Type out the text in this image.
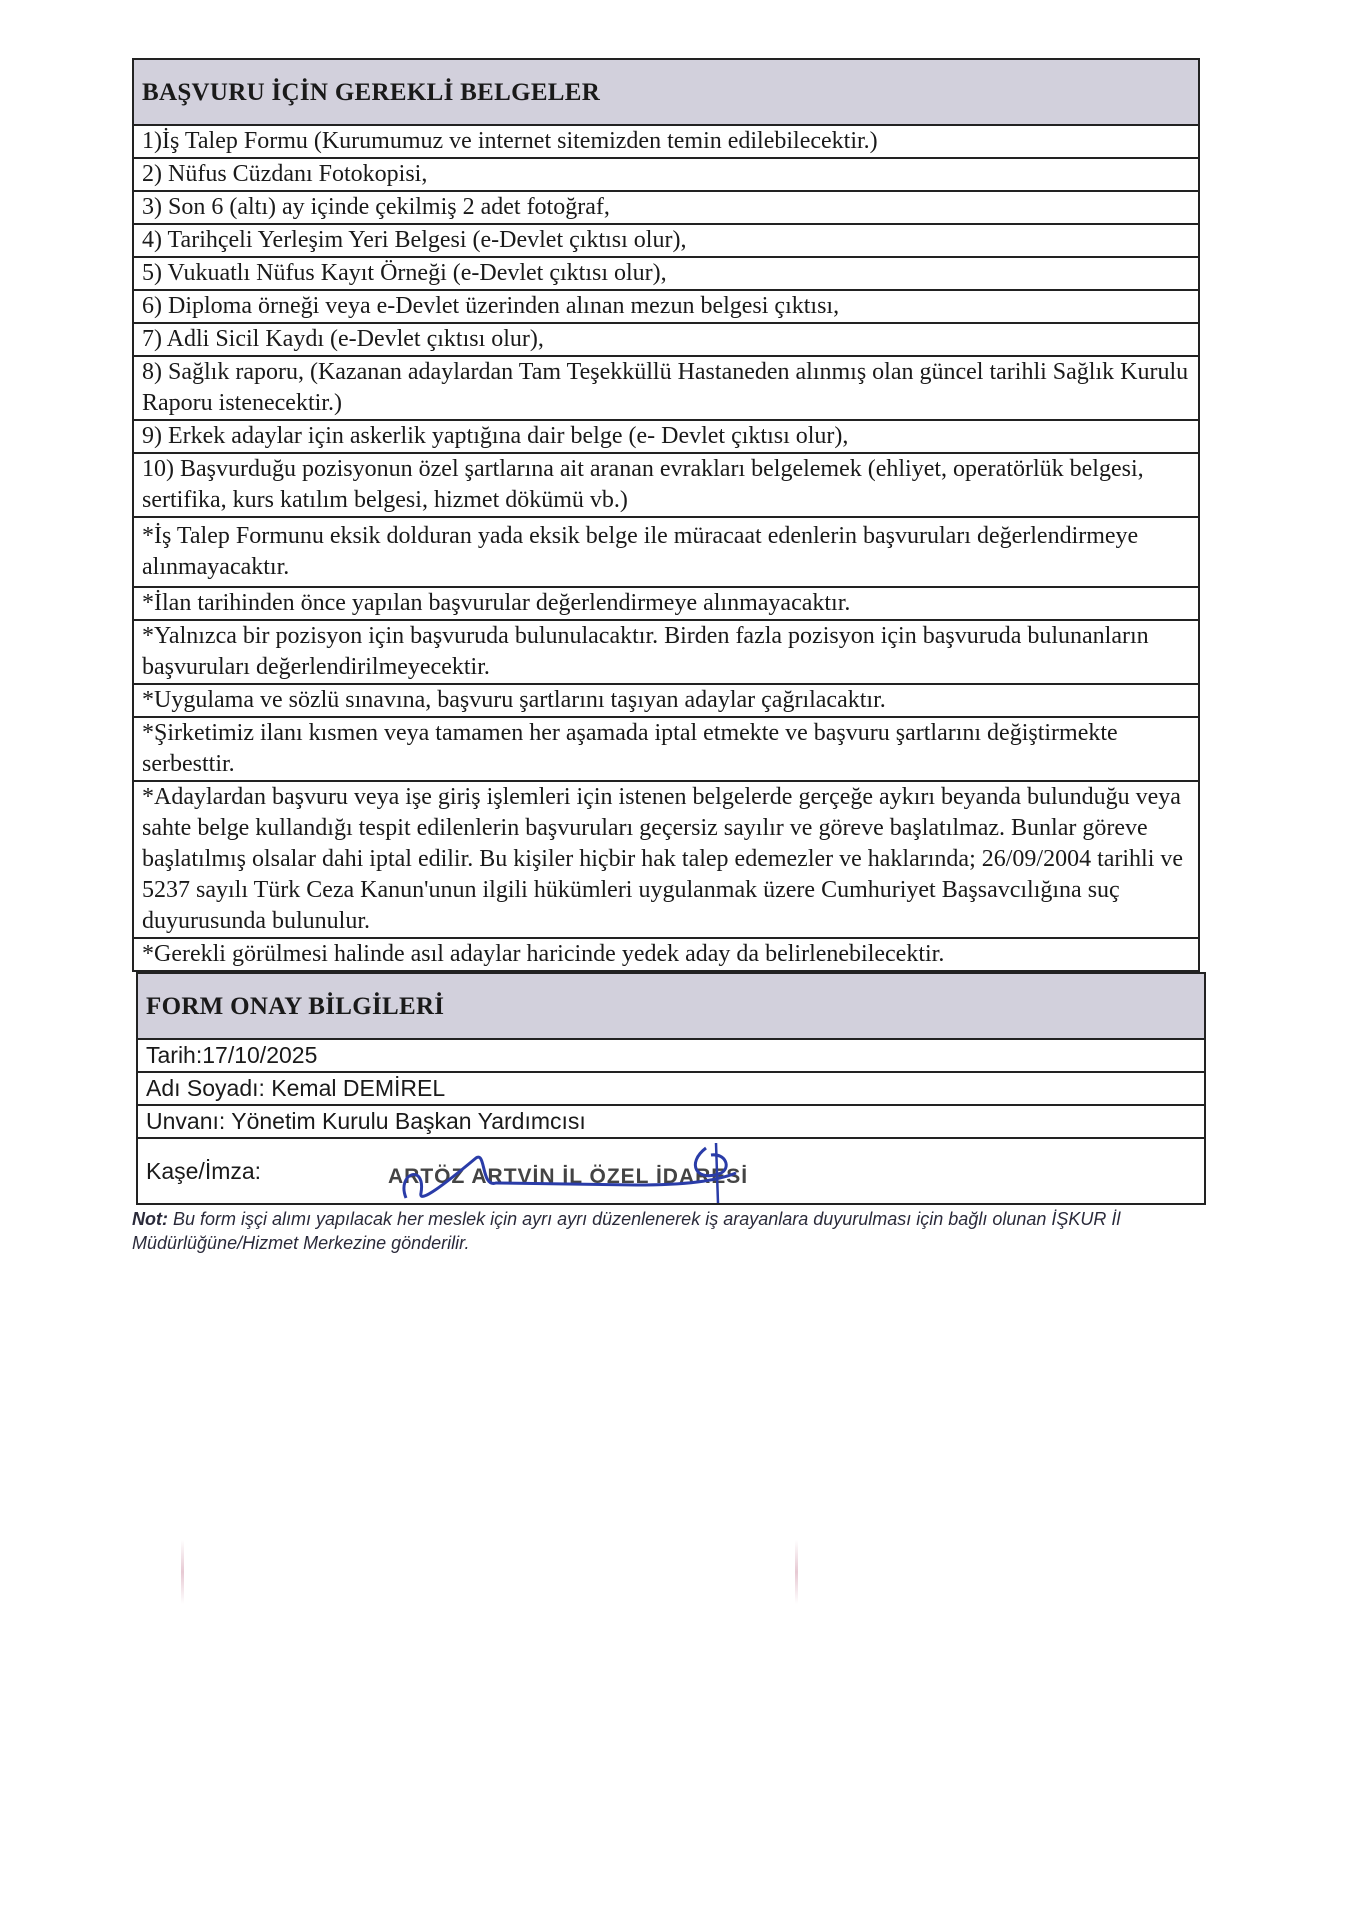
BAŞVURU İÇİN GEREKLİ BELGELER
1)İş Talep Formu (Kurumumuz ve internet sitemizden temin edilebilecektir.)
2) Nüfus Cüzdanı Fotokopisi,
3) Son 6 (altı) ay içinde çekilmiş 2 adet fotoğraf,
4) Tarihçeli Yerleşim Yeri Belgesi (e-Devlet çıktısı olur),
5) Vukuatlı Nüfus Kayıt Örneği (e-Devlet çıktısı olur),
6) Diploma örneği veya e-Devlet üzerinden alınan mezun belgesi çıktısı,
7) Adli Sicil Kaydı (e-Devlet çıktısı olur),
8) Sağlık raporu, (Kazanan adaylardan Tam Teşekküllü Hastaneden alınmış olan güncel tarihli Sağlık Kurulu Raporu istenecektir.)
9) Erkek adaylar için askerlik yaptığına dair belge (e- Devlet çıktısı olur),
10) Başvurduğu pozisyonun özel şartlarına ait aranan evrakları belgelemek (ehliyet, operatörlük belgesi, sertifika, kurs katılım belgesi, hizmet dökümü vb.)
*İş Talep Formunu eksik dolduran yada eksik belge ile müracaat edenlerin başvuruları değerlendirmeye alınmayacaktır.
*İlan tarihinden önce yapılan başvurular değerlendirmeye alınmayacaktır.
*Yalnızca bir pozisyon için başvuruda bulunulacaktır. Birden fazla pozisyon için başvuruda bulunanların başvuruları değerlendirilmeyecektir.
*Uygulama ve sözlü sınavına, başvuru şartlarını taşıyan adaylar çağrılacaktır.
*Şirketimiz ilanı kısmen veya tamamen her aşamada iptal etmekte ve başvuru şartlarını değiştirmekte serbesttir.
*Adaylardan başvuru veya işe giriş işlemleri için istenen belgelerde gerçeğe aykırı beyanda bulunduğu veya sahte belge kullandığı tespit edilenlerin başvuruları geçersiz sayılır ve göreve başlatılmaz. Bunlar göreve başlatılmış olsalar dahi iptal edilir. Bu kişiler hiçbir hak talep edemezler ve haklarında; 26/09/2004 tarihli ve 5237 sayılı Türk Ceza Kanun'unun ilgili hükümleri uygulanmak üzere Cumhuriyet Başsavcılığına suç duyurusunda bulunulur.
*Gerekli görülmesi halinde asıl adaylar haricinde yedek aday da belirlenebilecektir.
FORM ONAY BİLGİLERİ
Tarih:17/10/2025
Adı Soyadı: Kemal DEMİREL
Unvanı: Yönetim Kurulu Başkan Yardımcısı
Kaşe/İmza:	ARTÖZ ARTVİN İL ÖZEL İDARESİ
Not: Bu form işçi alımı yapılacak her meslek için ayrı ayrı düzenlenerek iş arayanlara duyurulması için bağlı olunan İŞKUR İl Müdürlüğüne/Hizmet Merkezine gönderilir.
